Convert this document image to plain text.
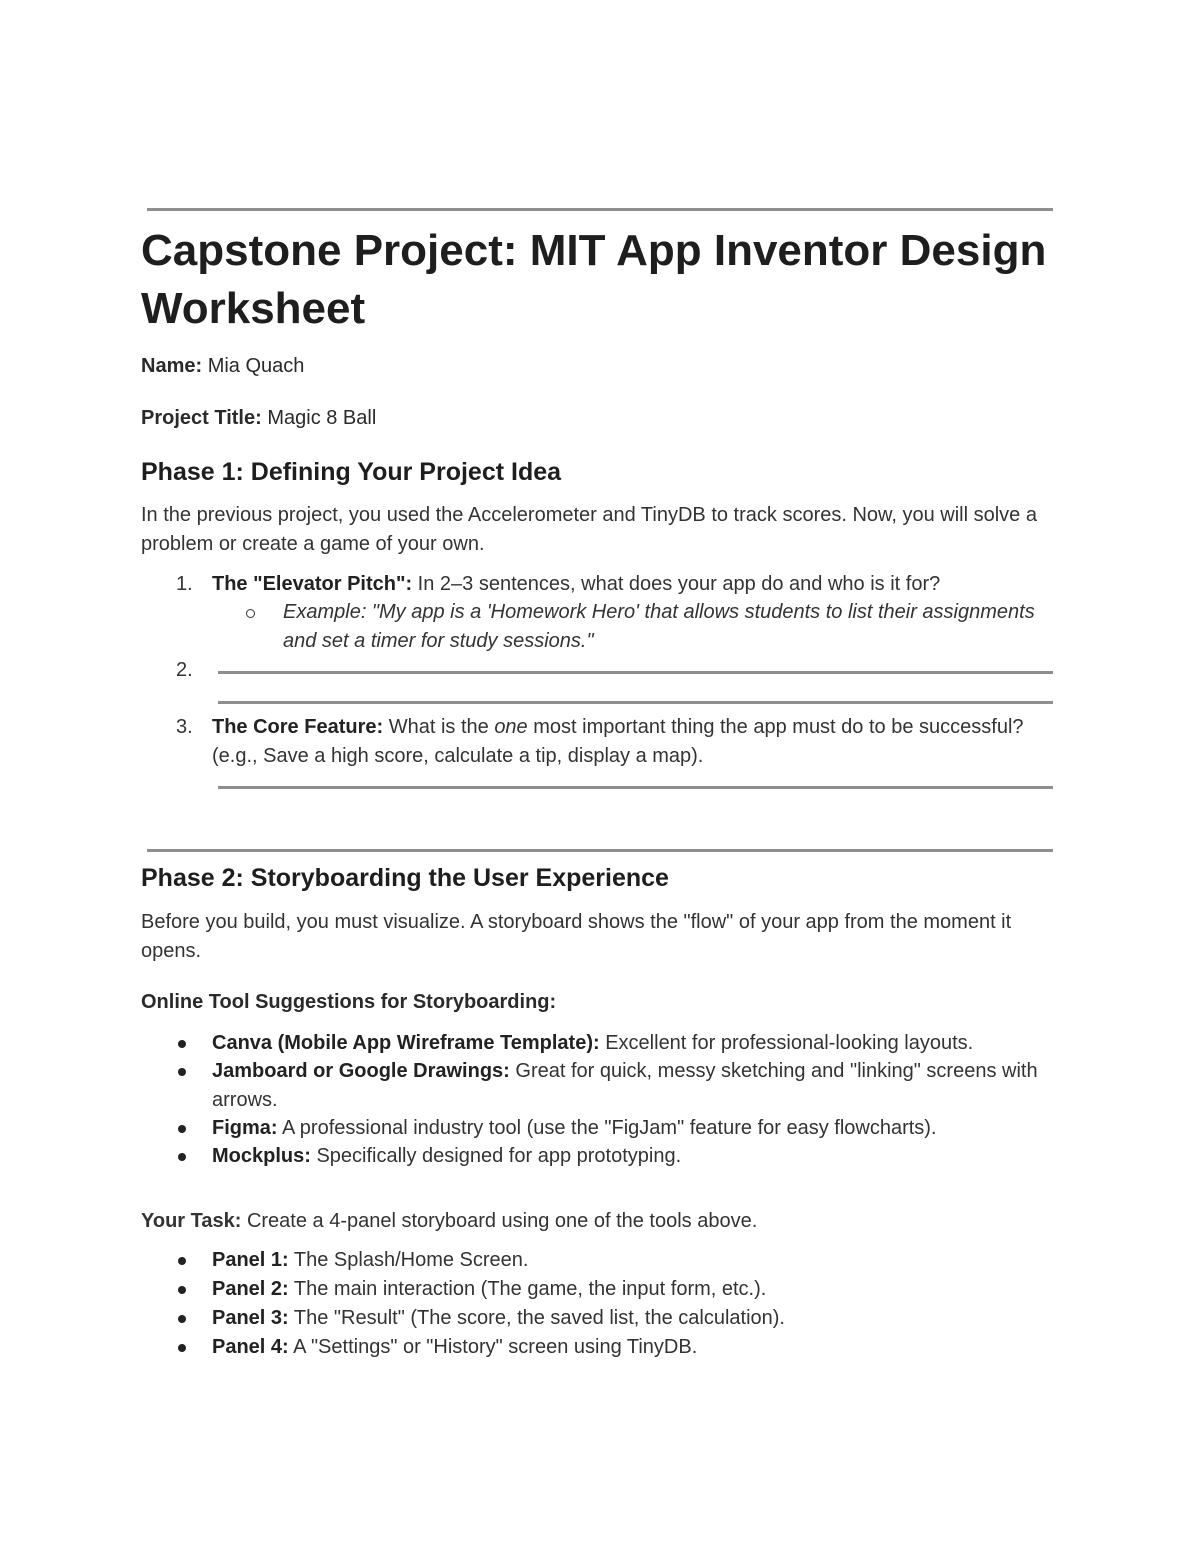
Capstone Project: MIT App Inventor Design Worksheet
Name: Mia Quach
Project Title: Magic 8 Ball
Phase 1: Defining Your Project Idea
In the previous project, you used the Accelerometer and TinyDB to track scores. Now, you will solve a problem or create a game of your own.
1. The "Elevator Pitch": In 2–3 sentences, what does your app do and who is it for?
Example: "My app is a 'Homework Hero' that allows students to list their assignments and set a timer for study sessions."
2.
3. The Core Feature: What is the one most important thing the app must do to be successful? (e.g., Save a high score, calculate a tip, display a map).
Phase 2: Storyboarding the User Experience
Before you build, you must visualize. A storyboard shows the "flow" of your app from the moment it opens.
Online Tool Suggestions for Storyboarding:
Canva (Mobile App Wireframe Template): Excellent for professional-looking layouts.
Jamboard or Google Drawings: Great for quick, messy sketching and "linking" screens with arrows.
Figma: A professional industry tool (use the "FigJam" feature for easy flowcharts).
Mockplus: Specifically designed for app prototyping.
Your Task: Create a 4-panel storyboard using one of the tools above.
Panel 1: The Splash/Home Screen.
Panel 2: The main interaction (The game, the input form, etc.).
Panel 3: The "Result" (The score, the saved list, the calculation).
Panel 4: A "Settings" or "History" screen using TinyDB.
